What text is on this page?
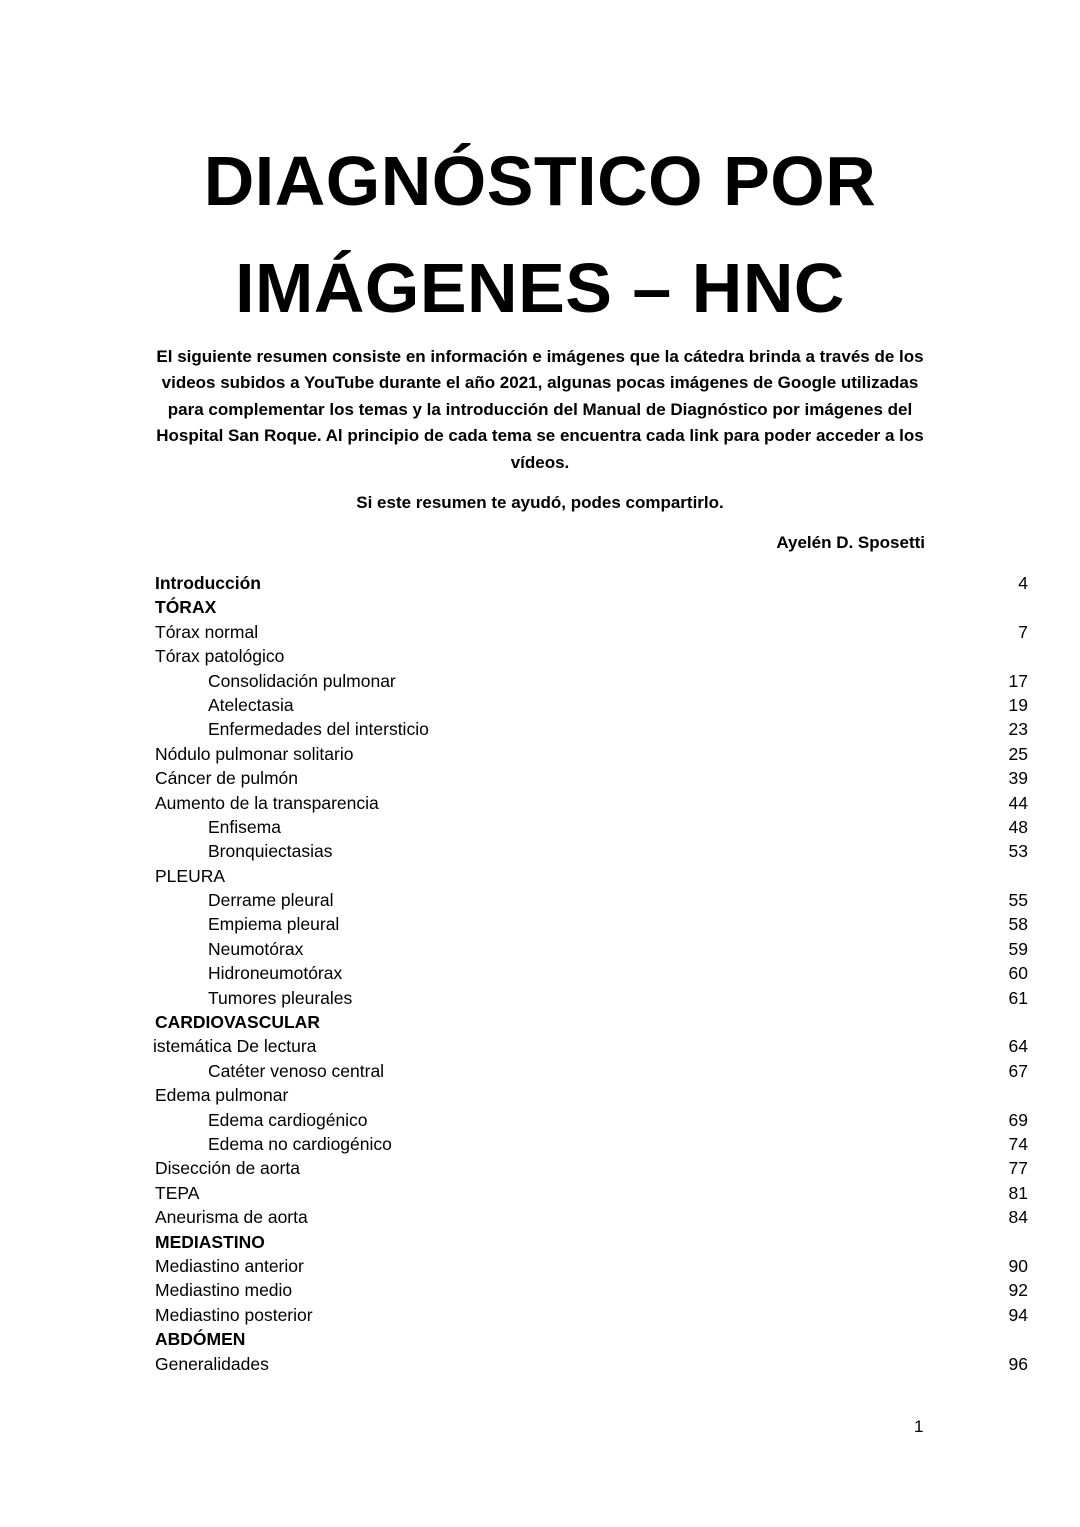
DIAGNÓSTICO POR
IMÁGENES – HNC
El siguiente resumen consiste en información e imágenes que la cátedra brinda a través de los videos subidos a YouTube durante el año 2021, algunas pocas imágenes de Google utilizadas para complementar los temas y la introducción del Manual de Diagnóstico por imágenes del Hospital San Roque. Al principio de cada tema se encuentra cada link para poder acceder a los vídeos.
Si este resumen te ayudó, podes compartirlo.
Ayelén D. Sposetti
Introducción	4
TÓRAX
Tórax normal	7
Tórax patológico
Consolidación pulmonar	17
Atelectasia	19
Enfermedades del intersticio	23
Nódulo pulmonar solitario	25
Cáncer de pulmón	39
Aumento de la transparencia	44
Enfisema	48
Bronquiectasias	53
PLEURA
Derrame pleural	55
Empiema pleural	58
Neumotórax	59
Hidroneumotórax	60
Tumores pleurales	61
CARDIOVASCULAR
istemática De lectura	64
Catéter venoso central	67
Edema pulmonar
Edema cardiogénico	69
Edema no cardiogénico	74
Disección de aorta	77
TEPA	81
Aneurisma de aorta	84
MEDIASTINO
Mediastino anterior	90
Mediastino medio	92
Mediastino posterior	94
ABDÓMEN
Generalidades	96
1
